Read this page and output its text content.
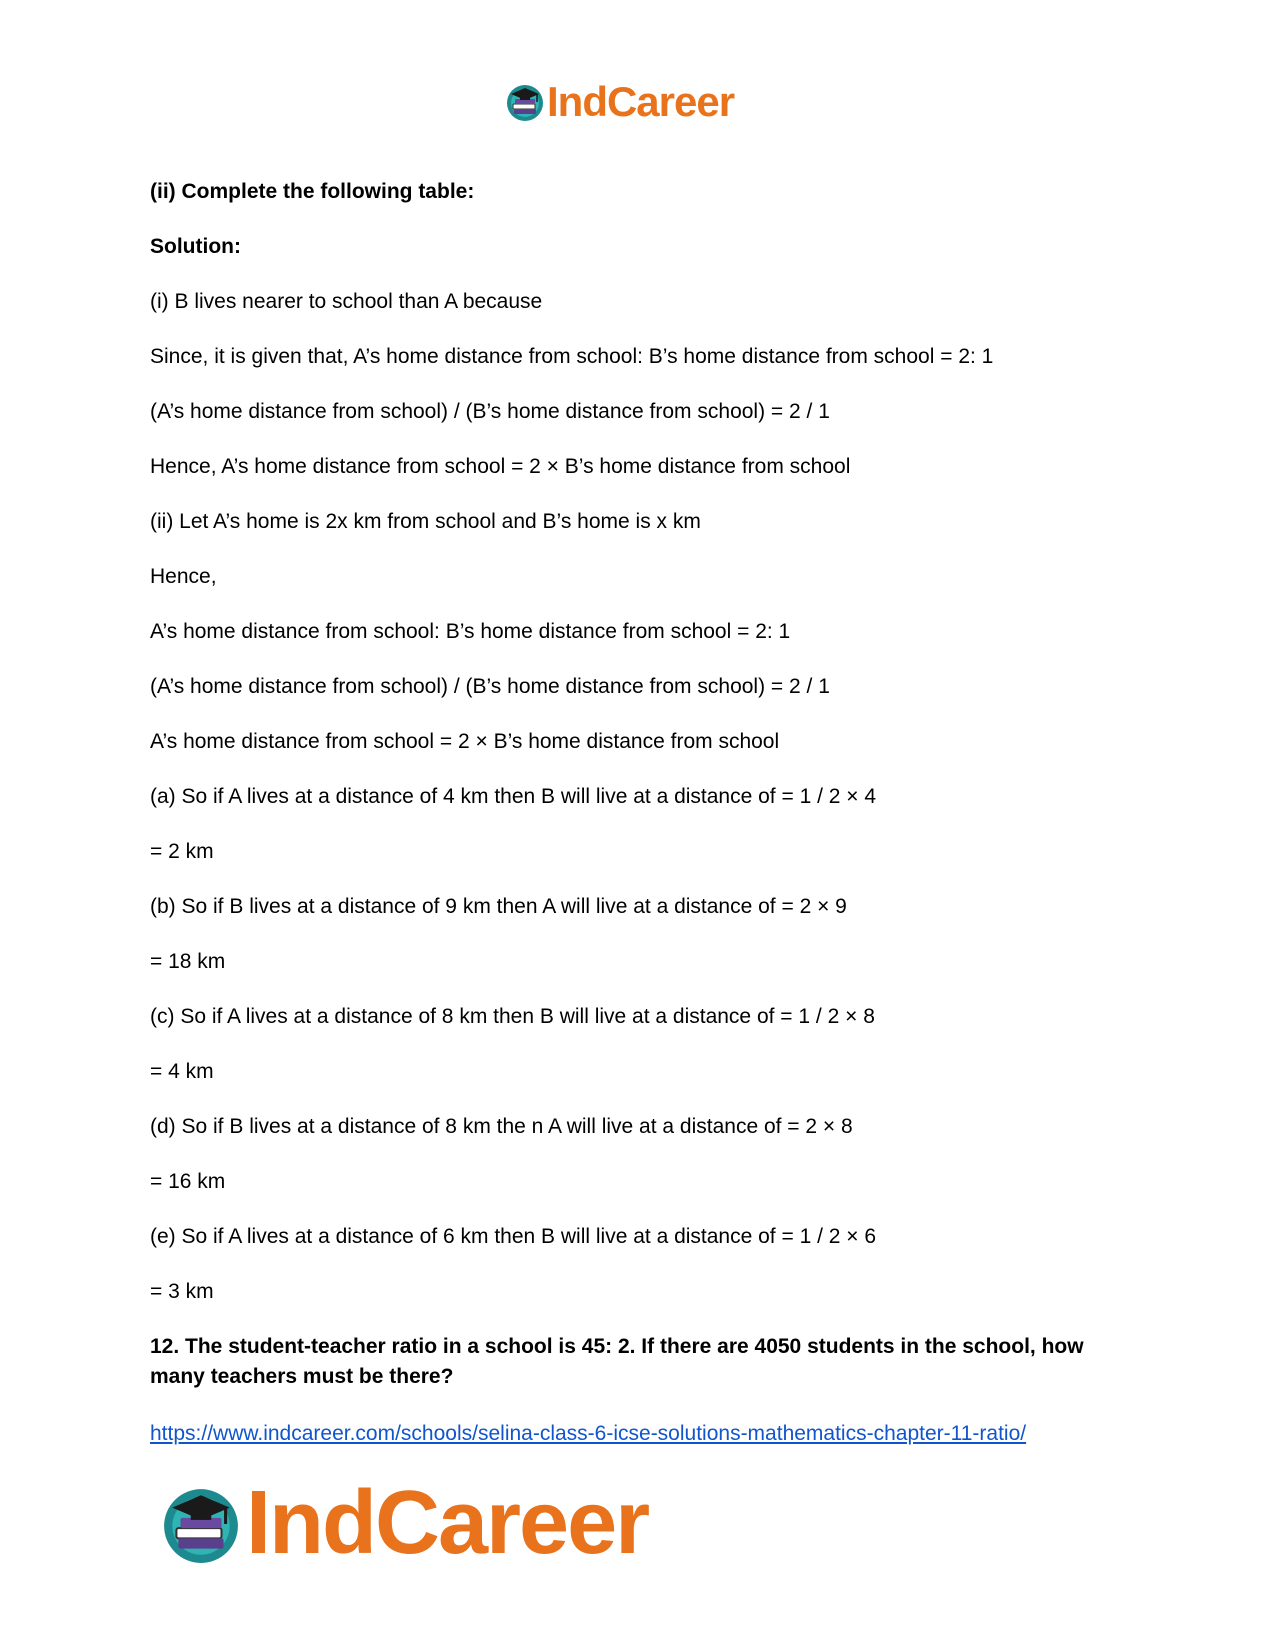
IndCareer
(ii) Complete the following table:
Solution:
(i) B lives nearer to school than A because
Since, it is given that, A’s home distance from school: B’s home distance from school = 2: 1
(A’s home distance from school) / (B’s home distance from school) = 2 / 1
Hence, A’s home distance from school = 2 × B’s home distance from school
(ii) Let A’s home is 2x km from school and B’s home is x km
Hence,
A’s home distance from school: B’s home distance from school = 2: 1
(A’s home distance from school) / (B’s home distance from school) = 2 / 1
A’s home distance from school = 2 × B’s home distance from school
(a) So if A lives at a distance of 4 km then B will live at a distance of = 1 / 2 × 4
= 2 km
(b) So if B lives at a distance of 9 km then A will live at a distance of = 2 × 9
= 18 km
(c) So if A lives at a distance of 8 km then B will live at a distance of = 1 / 2 × 8
= 4 km
(d) So if B lives at a distance of 8 km the n A will live at a distance of = 2 × 8
= 16 km
(e) So if A lives at a distance of 6 km then B will live at a distance of = 1 / 2 × 6
= 3 km
12. The student-teacher ratio in a school is 45: 2. If there are 4050 students in the school, how many teachers must be there?
https://www.indcareer.com/schools/selina-class-6-icse-solutions-mathematics-chapter-11-ratio/
IndCareer
